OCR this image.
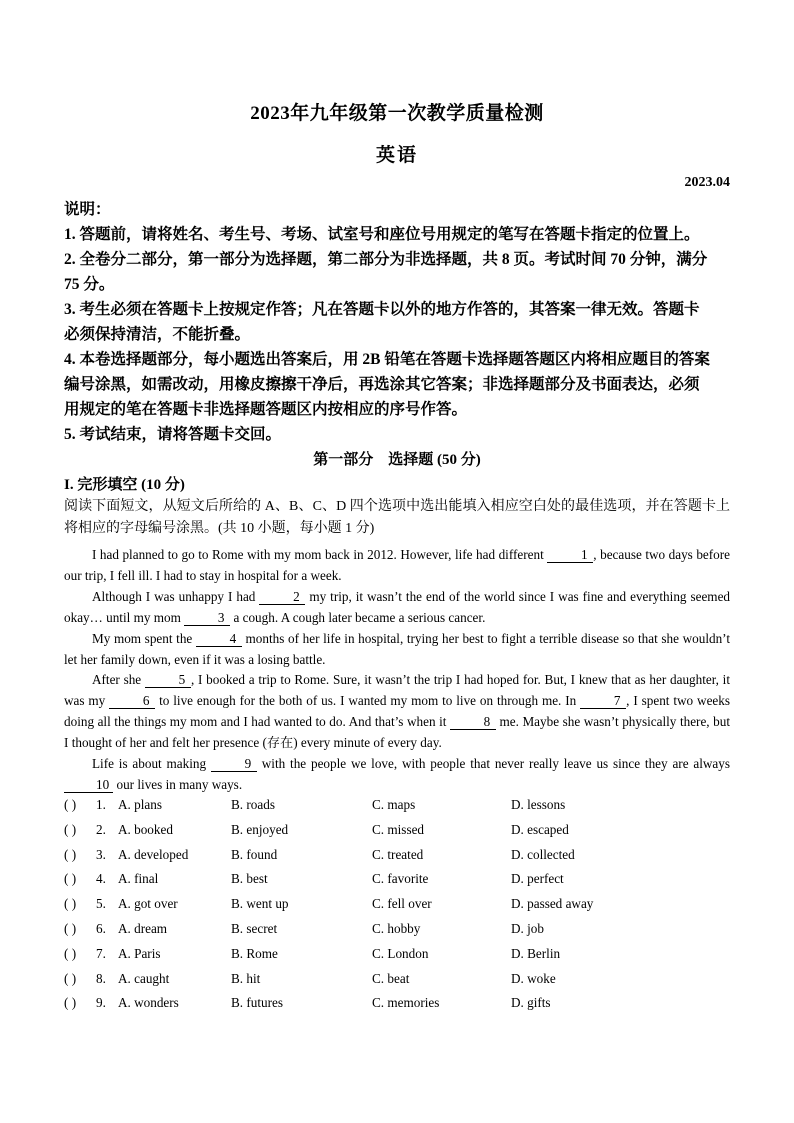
2023年九年级第一次教学质量检测
英语
2023.04
说明：
1. 答题前，请将姓名、考生号、考场、试室号和座位号用规定的笔写在答题卡指定的位置上。
2. 全卷分二部分，第一部分为选择题，第二部分为非选择题，共 8 页。考试时间 70 分钟，满分
75 分。
3. 考生必须在答题卡上按规定作答；凡在答题卡以外的地方作答的，其答案一律无效。答题卡
必须保持清洁，不能折叠。
4. 本卷选择题部分，每小题选出答案后，用 2B 铅笔在答题卡选择题答题区内将相应题目的答案
编号涂黑，如需改动，用橡皮擦擦干净后，再选涂其它答案；非选择题部分及书面表达，必须
用规定的笔在答题卡非选择题答题区内按相应的序号作答。
5. 考试结束，请将答题卡交回。
第一部分　选择题 (50 分)
I. 完形填空 (10 分)
阅读下面短文，从短文后所给的 A、B、C、D 四个选项中选出能填入相应空白处的最佳选项，并在答题卡上将相应的字母编号涂黑。(共 10 小题，每小题 1 分)

I had planned to go to Rome with my mom back in 2012. However, life had different	1 , because two days before our trip, I fell ill. I had to stay in hospital for a week.

Although I was unhappy I had	2 my trip, it wasn’t the end of the world since I was fine and everything seemed okay… until my mom	3 a cough. A cough later became a serious cancer.

My mom spent the	4 months of her life in hospital, trying her best to fight a terrible disease so that she wouldn’t let her family down, even if it was a losing battle.

After she	5 , I booked a trip to Rome. Sure, it wasn’t the trip I had hoped for. But, I knew that as her daughter, it was my	6 to live enough for the both of us. I wanted my mom to live on through me. In	7 , I spent two weeks doing all the things my mom and I had wanted to do. And that’s when it	8 me. Maybe she wasn’t physically there, but I thought of her and felt her presence (存在) every minute of every day.

Life is about making	9 with the people we love, with people that never really leave us since they are always 10 our lives in many ways.

( ) 1. A. plans	B. roads	C. maps	D. lessons
( ) 2. A. booked	B. enjoyed	C. missed	D. escaped
( ) 3. A. developed	B. found	C. treated	D. collected
( ) 4. A. final	B. best	C. favorite	D. perfect
( ) 5. A. got over	B. went up	C. fell over	D. passed away
( ) 6. A. dream	B. secret	C. hobby	D. job
( ) 7. A. Paris	B. Rome	C. London	D. Berlin
( ) 8. A. caught	B. hit	C. beat	D. woke
( ) 9. A. wonders	B. futures	C. memories	D. gifts
